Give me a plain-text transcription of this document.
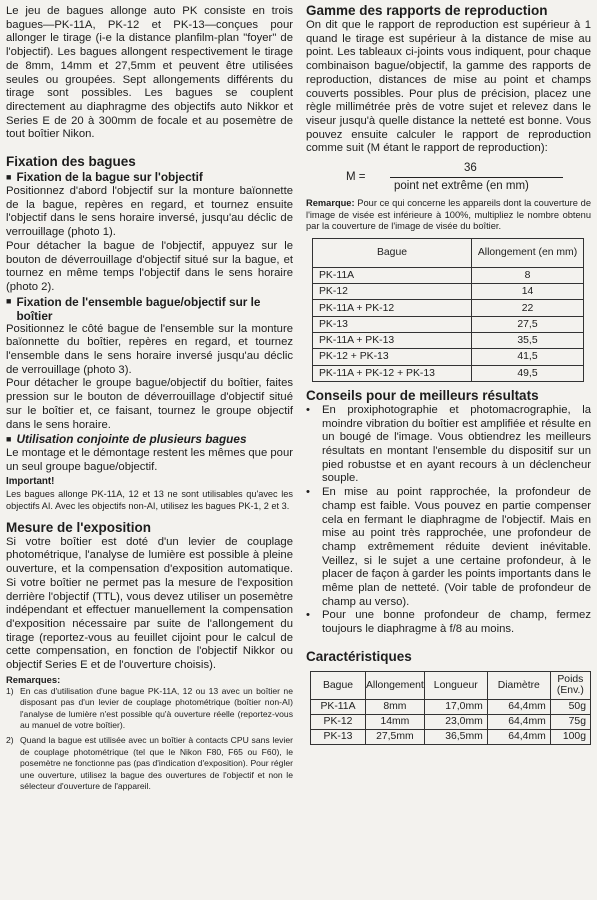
Le jeu de bagues allonge auto PK consiste en trois bagues—PK-11A, PK-12 et PK-13—conçues pour allonger le tirage (i-e la distance planfilm-plan "foyer" de l'objectif). Les bagues allongent respectivement le tirage de 8mm, 14mm et 27,5mm et peuvent être utilisées seules ou groupées. Sept allongements différents du tirage sont possibles. Les bagues se couplent directement au diaphragme des objectifs auto Nikkor et Series E de 20 à 300mm de focale et au posemètre de tout boîtier Nikon.

Fixation des bagues

■ Fixation de la bague sur l'objectif

Positionnez d'abord l'objectif sur la monture baïonnette de la bague, repères en regard, et tournez ensuite l'objectif dans le sens horaire inversé, jusqu'au déclic de verrouillage (photo 1).

Pour détacher la bague de l'objectif, appuyez sur le bouton de déverrouillage d'objectif situé sur la bague, et tournez en même temps l'objectif dans le sens horaire (photo 2).

■ Fixation de l'ensemble bague/objectif sur le boîtier

Positionnez le côté bague de l'ensemble sur la monture baïonnette du boîtier, repères en regard, et tournez l'ensemble dans le sens horaire inversé jusqu'au déclic de verrouillage (photo 3).

Pour détacher le groupe bague/objectif du boîtier, faites pression sur le bouton de déverrouillage d'objectif situé sur le boîtier et, ce faisant, tournez le groupe objectif dans le sens horaire.

■ Utilisation conjointe de plusieurs bagues

Le montage et le démontage restent les mêmes que pour un seul groupe bague/objectif.

Important!

Les bagues allonge PK-11A, 12 et 13 ne sont utilisables qu'avec les objectifs AI. Avec les objectifs non-AI, utilisez les bagues PK-1, 2 et 3.

Mesure de l'exposition

Si votre boîtier est doté d'un levier de couplage photométrique, l'analyse de lumière est possible à pleine ouverture, et la compensation d'exposition automatique. Si votre boîtier ne permet pas la mesure de l'exposition derrière l'objectif (TTL), vous devez utiliser un posemètre indépendant et effectuer manuellement la compensation d'exposition nécessaire par suite de l'allongement du tirage (reportez-vous au feuillet cijoint pour le calcul de cette compensation, en fonction de l'objectif Nikkor ou objectif Series E et de l'ouverture choisis).

Remarques:

1) En cas d'utilisation d'une bague PK-11A, 12 ou 13 avec un boîtier ne disposant pas d'un levier de couplage photométrique (boîtier non-AI) l'analyse de lumière n'est possible qu'à ouverture réelle (reportez-vous au manuel de votre boîtier).
2) Quand la bague est utilisée avec un boîtier à contacts CPU sans levier de couplage photométrique (tel que le Nikon F80, F65 ou F60), le posemètre ne fonctionne pas (pas d'indication d'exposition). Pour régler une ouverture, utilisez la bague des ouvertures de l'objectif et non le sélecteur d'ouverture de l'appareil.

Gamme des rapports de reproduction

On dit que le rapport de reproduction est supérieur à 1 quand le tirage est supérieur à la distance de mise au point. Les tableaux ci-joints vous indiquent, pour chaque combinaison bague/objectif, la gamme des rapports de reproduction, distances de mise au point et champs couverts possibles. Pour plus de précision, placez une règle millimétrée près de votre sujet et relevez dans le viseur jusqu'à quelle distance la netteté est bonne. Vous pouvez ensuite calculer le rapport de reproduction comme suit (M étant le rapport de reproduction):

M =
36
point net extrême (en mm)

Remarque: Pour ce qui concerne les appareils dont la couverture de l'image de visée est inférieure à 100%, multipliez le nombre obtenu par la couverture de l'image de visée du boîtier.

Bague	Allongement (en mm)
PK-11A	8
PK-12	14
PK-11A + PK-12	22
PK-13	27,5
PK-11A + PK-13	35,5
PK-12 + PK-13	41,5
PK-11A + PK-12 + PK-13	49,5

Conseils pour de meilleurs résultats

•	En proxiphotographie et photomacrographie, la moindre vibration du boîtier est amplifiée et résulte en un bougé de l'image. Vous obtiendrez les meilleurs résultats en montant l'ensemble du dispositif sur un pied robustse et en ayant recours à un déclencheur souple.
•	En mise au point rapprochée, la profondeur de champ est faible. Vous pouvez en partie compenser cela en fermant le diaphragme de l'objectif. Mais en mise au point très rapprochée, une profondeur de champ extrêmement réduite devient inévitable. Veillez, si le sujet a une certaine profondeur, à le placer de façon à garder les points importants dans le même plan de netteté. (Voir table de profondeur de champ au verso).
•	Pour une bonne profondeur de champ, fermez toujours le diaphragme à f/8 au moins.

Caractéristiques

Bague	Allongement	Longueur	Diamètre	Poids (Env.)
PK-11A	8mm	17,0mm	64,4mm	50g
PK-12	14mm	23,0mm	64,4mm	75g
PK-13	27,5mm	36,5mm	64,4mm	100g
